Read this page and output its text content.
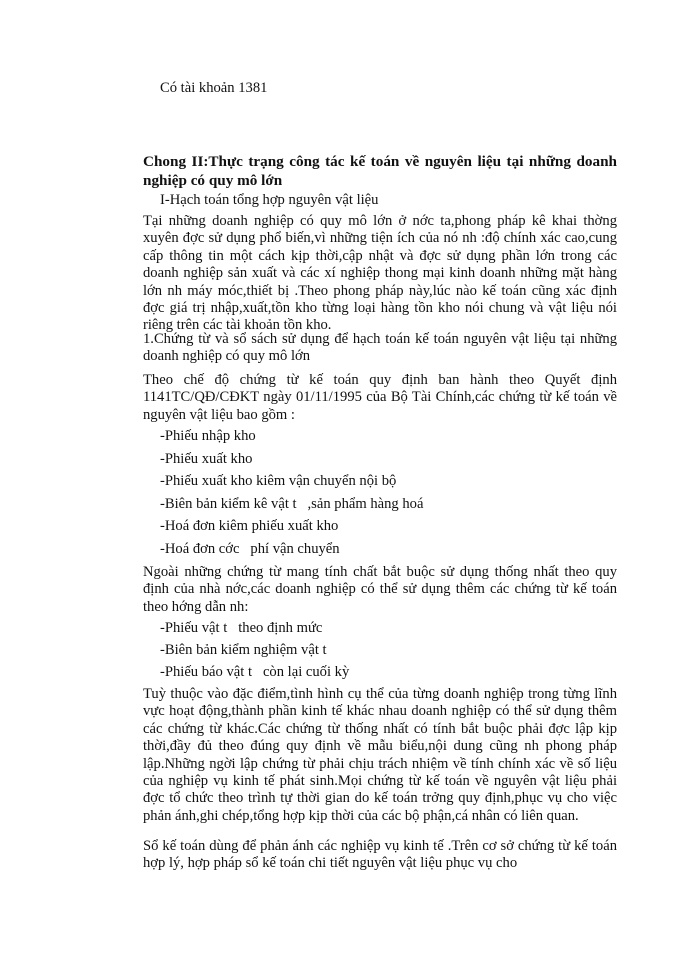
Có tài khoản 1381

Chong II:Thực trạng công tác kế toán về nguyên liệu tại những doanh nghiệp có quy mô lớn

I-Hạch toán tổng hợp nguyên vật liệu

Tại những doanh nghiệp có quy mô lớn ở nớc ta,phong pháp kê khai thờng xuyên đợc sử dụng phổ biến,vì những tiện ích của nó nh :độ chính xác cao,cung cấp thông tin một cách kịp thời,cập nhật và đợc sử dụng phần lớn trong các doanh nghiệp sản xuất và các xí nghiệp thong mại kinh doanh những mặt hàng lớn nh máy móc,thiết bị .Theo phong pháp này,lúc nào kế toán cũng xác định đợc giá trị nhập,xuất,tồn kho từng loại hàng tồn kho nói chung và vật liệu nói riêng trên các tài khoản tồn kho.

1.Chứng từ và sổ sách sử dụng để hạch toán kế toán nguyên vật liệu tại những doanh nghiệp có quy mô lớn

Theo chế độ chứng từ kế toán quy định ban hành theo Quyết định 1141TC/QĐ/CĐKT ngày 01/11/1995 của Bộ Tài Chính,các chứng từ kế toán về nguyên vật liệu bao gồm :

-Phiếu nhập kho

-Phiếu xuất kho

-Phiếu xuất kho kiêm vận chuyển nội bộ

-Biên bản kiểm kê vật t   ,sản phẩm hàng hoá

-Hoá đơn kiêm phiếu xuất kho

-Hoá đơn cớc   phí vận chuyển

Ngoài những chứng từ mang tính chất bắt buộc sử dụng thống nhất theo quy định của nhà nớc,các doanh nghiệp có thể sử dụng thêm các chứng từ kế toán theo hớng dẫn nh:

-Phiếu vật t   theo định mức

-Biên bản kiểm nghiệm vật t

-Phiếu báo vật t   còn lại cuối kỳ

Tuỳ thuộc vào đặc điểm,tình hình cụ thể của từng doanh nghiệp trong từng lĩnh vực hoạt động,thành phần kinh tế khác nhau doanh nghiệp có thể sử dụng thêm các chứng từ khác.Các chứng từ thống nhất có tính bắt buộc phải đợc lập kịp thời,đầy đủ theo đúng quy định về mẫu biểu,nội dung cũng nh phong pháp lập.Những ngời lập chứng từ phải chịu trách nhiệm về tính chính xác về số liệu của nghiệp vụ kinh tế phát sinh.Mọi chứng từ kế toán về nguyên vật liệu phải đợc tổ chức theo trình tự thời gian do kế toán trởng quy định,phục vụ cho việc phản ánh,ghi chép,tổng hợp kịp thời của các bộ phận,cá nhân có liên quan.

Sổ kế toán dùng để phản ánh các nghiệp vụ kinh tế .Trên cơ sở chứng từ kế toán hợp lý, hợp pháp sổ kế toán chi tiết nguyên vật liệu phục vụ cho
